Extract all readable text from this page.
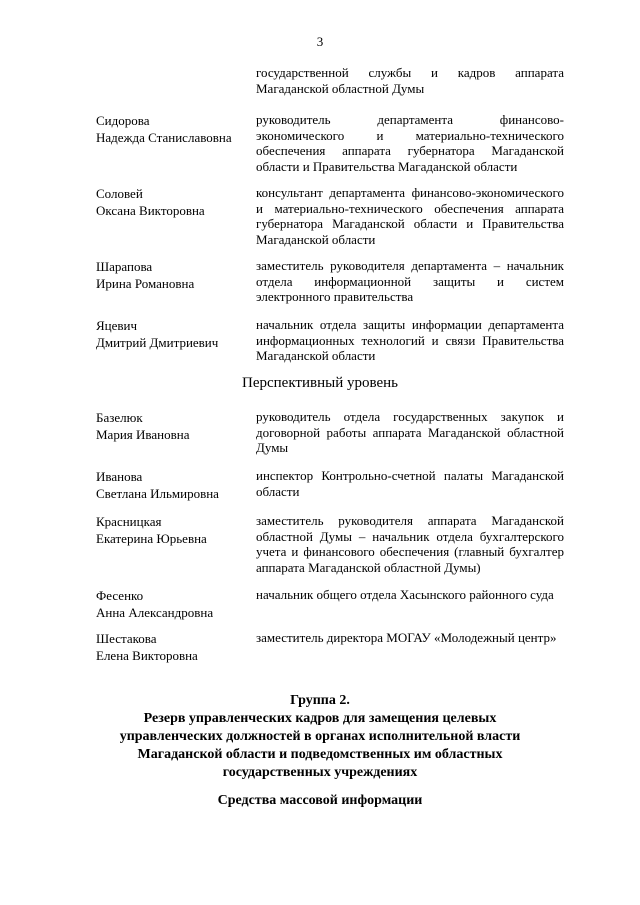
3
государственной службы и кадров аппарата Магаданской областной Думы
Сидорова
Надежда Станиславовна
руководитель департамента финансово-экономического и материально-технического обеспечения аппарата губернатора Магаданской области и Правительства Магаданской области
Соловей
Оксана Викторовна
консультант департамента финансово-экономического и материально-технического обеспечения аппарата губернатора Магаданской области и Правительства Магаданской области
Шарапова
Ирина Романовна
заместитель руководителя департамента – начальник отдела информационной защиты и систем электронного правительства
Яцевич
Дмитрий Дмитриевич
начальник отдела защиты информации департамента информационных технологий и связи Правительства Магаданской области
Перспективный уровень
Базелюк
Мария Ивановна
руководитель отдела государственных закупок и договорной работы аппарата Магаданской областной Думы
Иванова
Светлана Ильмировна
инспектор Контрольно-счетной палаты Магаданской области
Красницкая
Екатерина Юрьевна
заместитель руководителя аппарата Магаданской областной Думы – начальник отдела бухгалтерского учета и финансового обеспечения (главный бухгалтер аппарата Магаданской областной Думы)
Фесенко
Анна Александровна
начальник общего отдела Хасынского районного суда
Шестакова
Елена Викторовна
заместитель директора МОГАУ «Молодежный центр»
Группа 2.
Резерв управленческих кадров для замещения целевых
управленческих должностей в органах исполнительной власти
Магаданской области и подведомственных им областных
государственных учреждениях
Средства массовой информации
